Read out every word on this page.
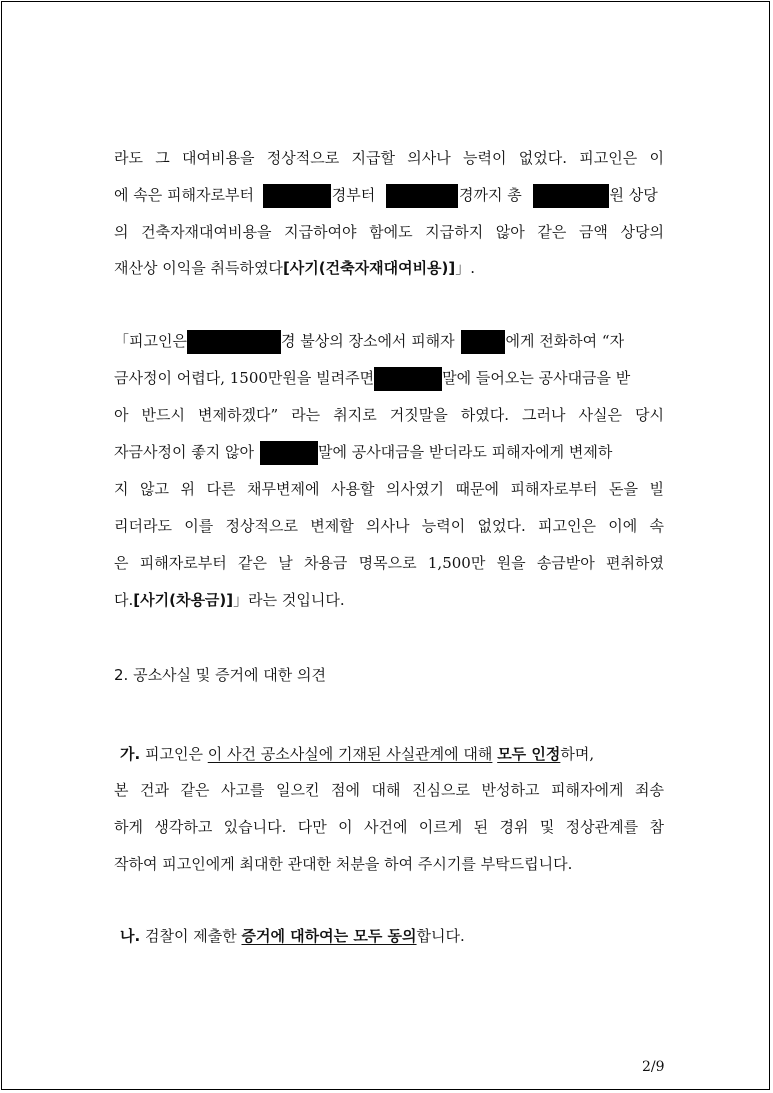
라도 그 대여비용을 정상적으로 지급할 의사나 능력이 없었다. 피고인은 이
에 속은 피해자로부터	경부터	경까지 총	원 상당
의 건축자재대여비용을 지급하여야 함에도 지급하지 않아 같은 금액 상당의
재산상 이익을 취득하였다[사기(건축자재대여비용)]」.
「피고인은	경 불상의 장소에서 피해자	에게 전화하여 “자
금사정이 어렵다, 1500만원을 빌려주면	말에 들어오는 공사대금을 받
아 반드시 변제하겠다” 라는 취지로 거짓말을 하였다. 그러나 사실은 당시
자금사정이 좋지 않아	말에 공사대금을 받더라도 피해자에게 변제하
지 않고 위 다른 채무변제에 사용할 의사였기 때문에 피해자로부터 돈을 빌
리더라도 이를 정상적으로 변제할 의사나 능력이 없었다. 피고인은 이에 속
은 피해자로부터 같은 날 차용금 명목으로 1,500만 원을 송금받아 편취하였
다.[사기(차용금)]」라는 것입니다.
2. 공소사실 및 증거에 대한 의견
가. 피고인은 이 사건 공소사실에 기재된 사실관계에 대해 모두 인정하며,
본 건과 같은 사고를 일으킨 점에 대해 진심으로 반성하고 피해자에게 죄송
하게 생각하고 있습니다. 다만 이 사건에 이르게 된 경위 및 정상관계를 참
작하여 피고인에게 최대한 관대한 처분을 하여 주시기를 부탁드립니다.
나. 검찰이 제출한 증거에 대하여는 모두 동의합니다.
2/9
